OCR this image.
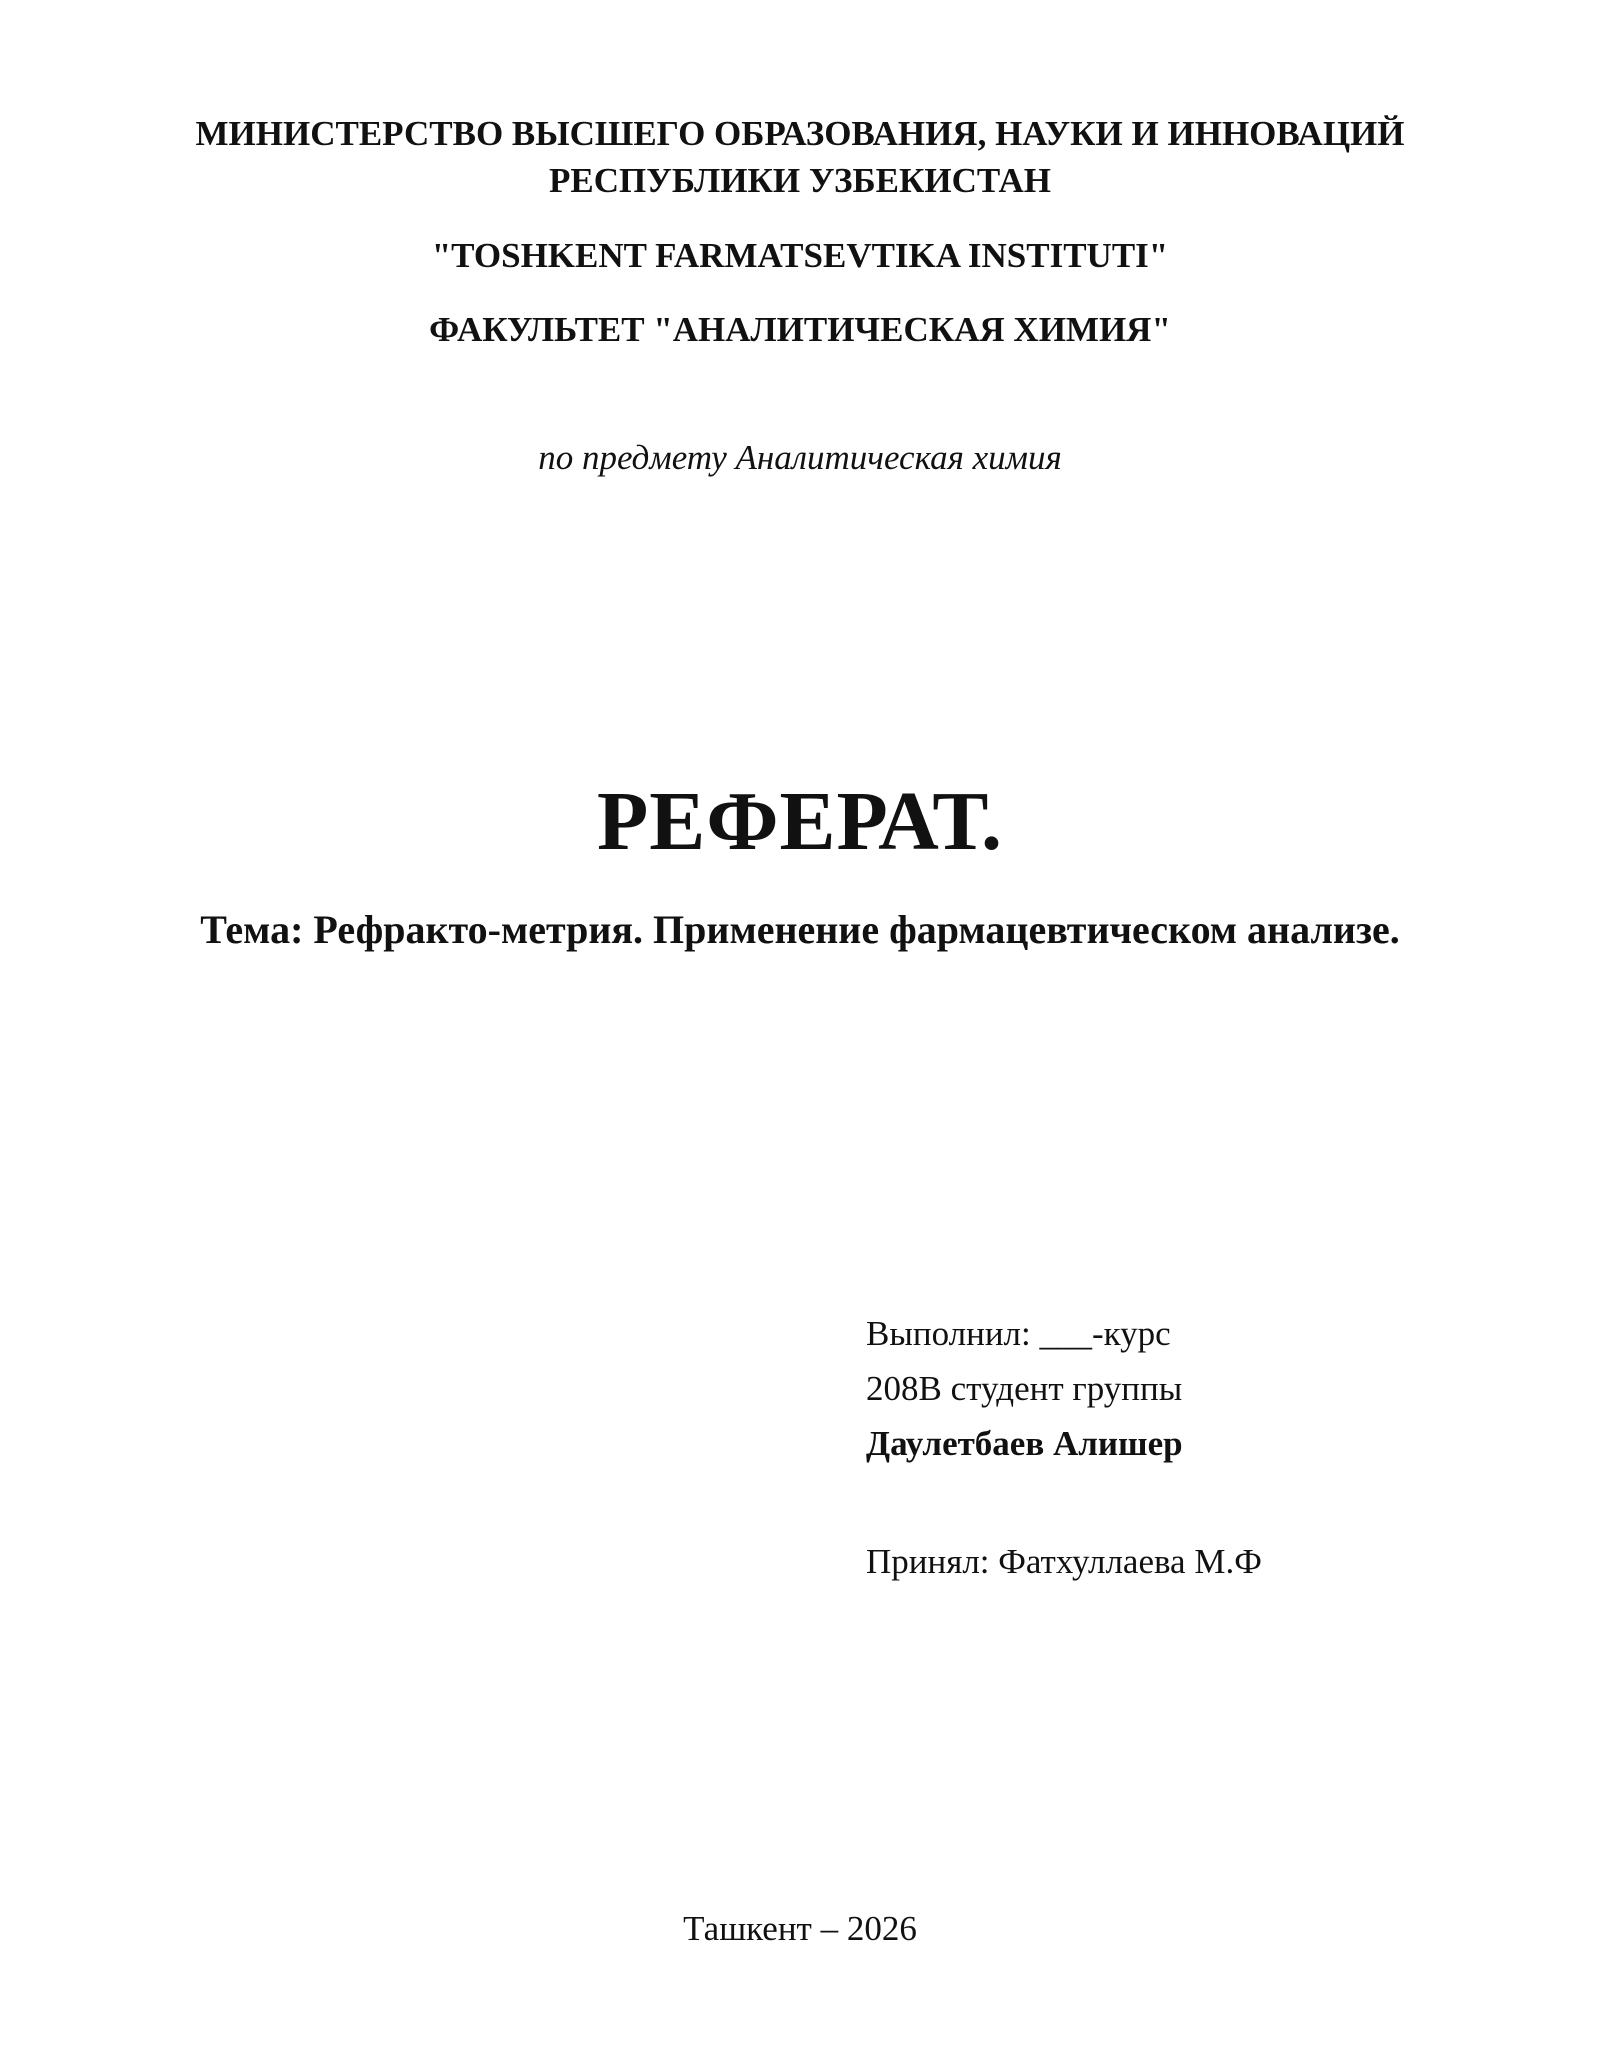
МИНИСТЕРСТВО ВЫСШЕГО ОБРАЗОВАНИЯ, НАУКИ И ИННОВАЦИЙ
РЕСПУБЛИКИ УЗБЕКИСТАН
"TOSHKENT FARMATSEVTIKA INSTITUTI"
ФАКУЛЬТЕТ "АНАЛИТИЧЕСКАЯ ХИМИЯ"
по предмету Аналитическая химия
РЕФЕРАТ.
Тема: Рефракто-метрия. Применение фармацевтическом анализе.
Выполнил: ___-курс
208В студент группы
Даулетбаев Алишер
Принял: Фатхуллаева М.Ф
Ташкент – 2026
